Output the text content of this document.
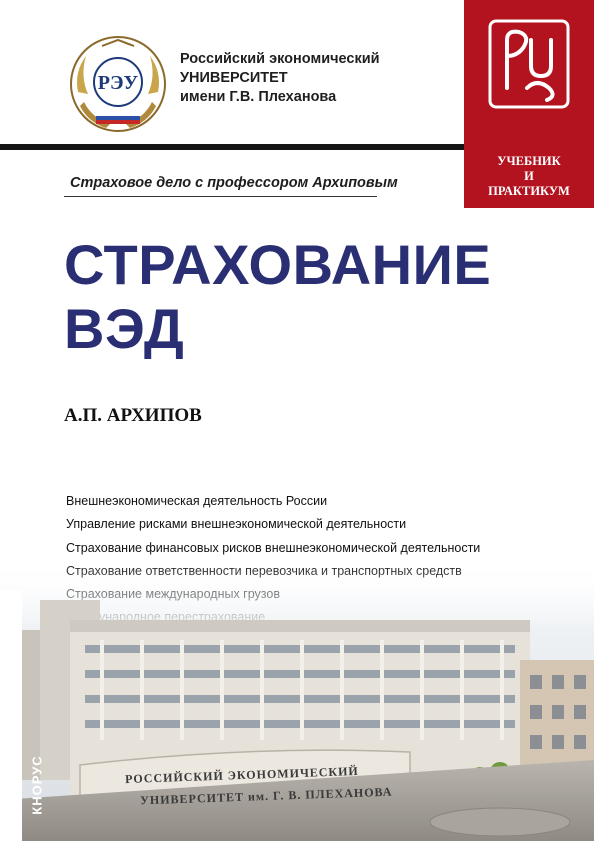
РЭУ
Российский экономический
УНИВЕРСИТЕТ
имени Г.В. Плеханова
УЧЕБНИК
И
ПРАКТИКУМ
Страховое дело с профессором Архиповым
СТРАХОВАНИЕ
ВЭД
А.П. АРХИПОВ
Внешнеэкономическая деятельность России
Управление рисками внешнеэкономической деятельности
Страхование финансовых рисков внешнеэкономической деятельности
РОССИЙСКИЙ ЭКОНОМИЧЕСКИЙ
УНИВЕРСИТЕТ им. Г. В. ПЛЕХАНОВА
КНОРУС
